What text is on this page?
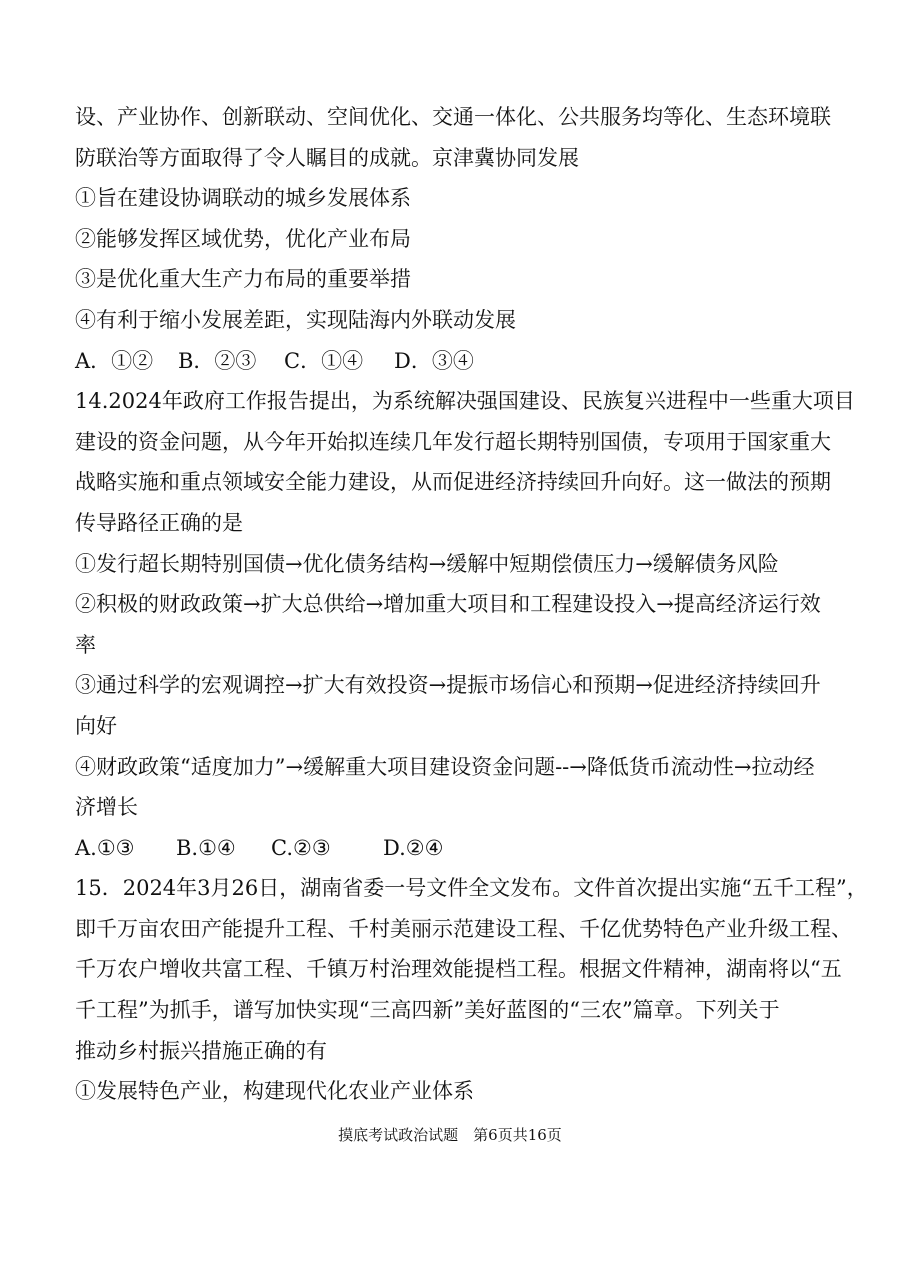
设、产业协作、创新联动、空间优化、交通一体化、公共服务均等化、生态环境联
防联治等方面取得了令人瞩目的成就。京津冀协同发展
①旨在建设协调联动的城乡发展体系
②能够发挥区域优势，优化产业布局
③是优化重大生产力布局的重要举措
④有利于缩小发展差距，实现陆海内外联动发展
A．①②	B．②③	C．①④	D．③④
14.2024年政府工作报告提出，为系统解决强国建设、民族复兴进程中一些重大项目
建设的资金问题，从今年开始拟连续几年发行超长期特别国债，专项用于国家重大
战略实施和重点领域安全能力建设，从而促进经济持续回升向好。这一做法的预期
传导路径正确的是
①发行超长期特别国债→优化债务结构→缓解中短期偿债压力→缓解债务风险
②积极的财政政策→扩大总供给→增加重大项目和工程建设投入→提高经济运行效
率
③通过科学的宏观调控→扩大有效投资→提振市场信心和预期→促进经济持续回升
向好
④财政政策“适度加力”→缓解重大项目建设资金问题--→降低货币流动性→拉动经
济增长
A.①③	B.①④	C.②③	D.②④
15．2024年3月26日，湖南省委一号文件全文发布。文件首次提出实施“五千工程”，
即千万亩农田产能提升工程、千村美丽示范建设工程、千亿优势特色产业升级工程、
千万农户增收共富工程、千镇万村治理效能提档工程。根据文件精神，湖南将以“五
千工程”为抓手，谱写加快实现“三高四新”美好蓝图的“三农”篇章。下列关于
推动乡村振兴措施正确的有
①发展特色产业，构建现代化农业产业体系
摸底考试政治试题　第6页共16页
